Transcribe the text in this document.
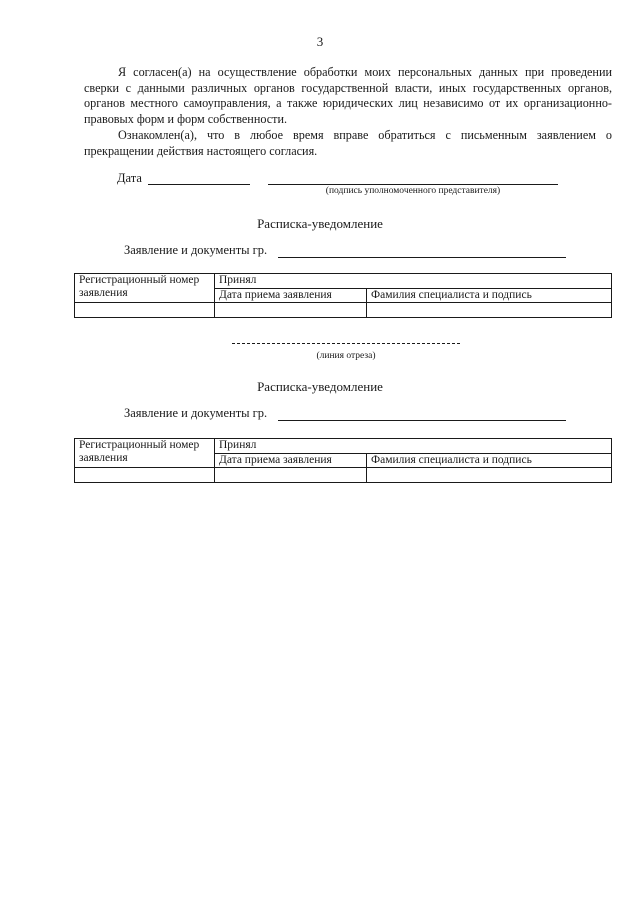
3

Я согласен(а) на осуществление обработки моих персональных данных при проведении сверки с данными различных органов государственной власти, иных государственных органов, органов местного самоуправления, а также юридических лиц независимо от их организационно-правовых форм и форм собственности.

Ознакомлен(а), что в любое время вправе обратиться с письменным заявлением о прекращении действия настоящего согласия.

Дата
(подпись уполномоченного представителя)
Расписка-уведомление
Заявление и документы гр.
Регистрационный номер заявления	Принял	
	Дата приема заявления	Фамилия специалиста и подпись

(линия отреза)
Расписка-уведомление
Заявление и документы гр.
Регистрационный номер заявления	Принял	
	Дата приема заявления	Фамилия специалиста и подпись
